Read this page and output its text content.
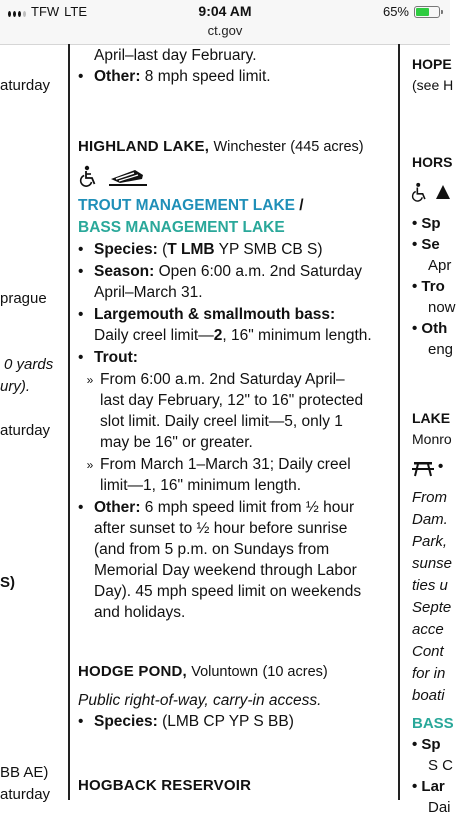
TFW LTE	9:04 AM	65%
ct.gov
aturday
prague
0 yards
ury).
aturday
S)
BB AE)
aturday
April–last day February.
• Other: 8 mph speed limit.
HIGHLAND LAKE, Winchester (445 acres)
TROUT MANAGEMENT LAKE /
BASS MANAGEMENT LAKE
• Species: (T LMB YP SMB CB S)
• Season: Open 6:00 a.m. 2nd Saturday
April–March 31.
• Largemouth & smallmouth bass:
Daily creel limit—2, 16" minimum length.
• Trout:
» From 6:00 a.m. 2nd Saturday April–
last day February, 12" to 16" protected
slot limit. Daily creel limit—5, only 1
may be 16" or greater.
» From March 1–March 31; Daily creel
limit—1, 16" minimum length.
• Other: 6 mph speed limit from ½ hour
after sunset to ½ hour before sunrise
(and from 5 p.m. on Sundays from
Memorial Day weekend through Labor
Day). 45 mph speed limit on weekends
and holidays.
HODGE POND, Voluntown (10 acres)
Public right-of-way, carry-in access.
• Species: (LMB CP YP S BB)
HOGBACK RESERVOIR
HOPE
(see H
HORS
• Sp
• Se
Apr
• Tro
now
• Oth
eng
LAKE
Monro
•
From
Dam.
Park,
sunse
ties u
Septe
acce
Cont
for in
boati
BASS
• Sp
S C
• Lar
Dai
